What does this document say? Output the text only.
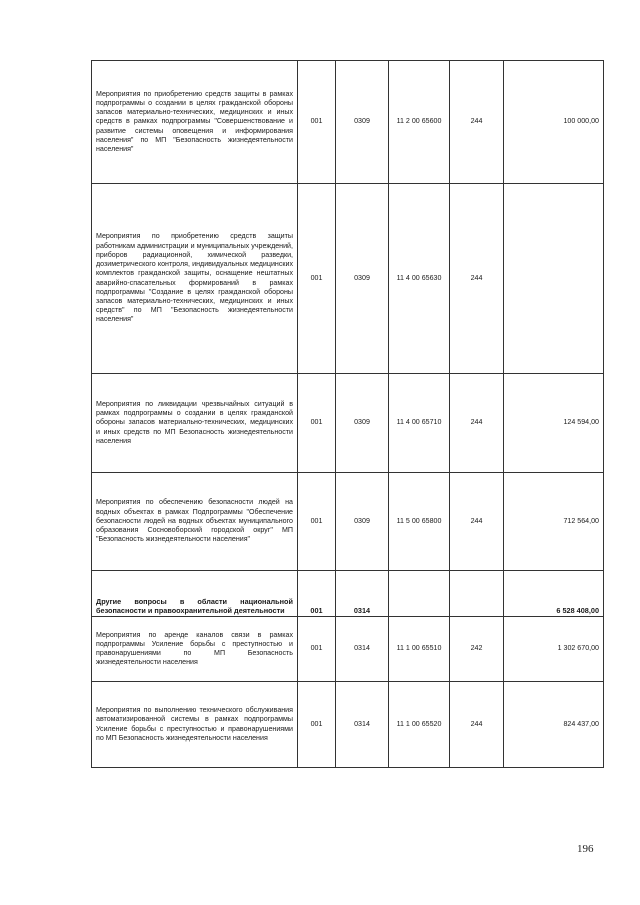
Мероприятия по приобретению средств защиты в рамках подпрограммы о создании в целях гражданской обороны запасов материально-технических, медицинских и иных средств в рамках подпрограммы "Совершенствование и развитие системы оповещения и информирования населения" по МП "Безопасность жизнедеятельности населения"	001	0309	11 2 00 65600	244	100 000,00
Мероприятия по приобретению средств защиты работникам администрации и муниципальных учреждений, приборов радиационной, химической разведки, дозиметрического контроля, индивидуальных медицинских комплектов гражданской защиты, оснащение нештатных аварийно-спасательных формирований в рамках подпрограммы "Создание в целях гражданской обороны запасов материально-технических, медицинских и иных средств" по МП "Безопасность жизнедеятельности населения"	001	0309	11 4 00 65630	244	
Мероприятия по ликвидации чрезвычайных ситуаций в рамках подпрограммы о создании в целях гражданской обороны запасов материально-технических, медицинских и иных средств по МП Безопасность жизнедеятельности населения	001	0309	11 4 00 65710	244	124 594,00
Мероприятия по обеспечению безопасности людей на водных объектах в рамках Подпрограммы "Обеспечение безопасности людей на водных объектах муниципального образования Сосновоборский городской округ" МП "Безопасность жизнедеятельности населения"	001	0309	11 5 00 65800	244	712 564,00
Другие вопросы в области национальной безопасности и правоохранительной деятельности	001	0314			6 528 408,00
Мероприятия по аренде каналов связи в рамках подпрограммы Усиление борьбы с преступностью и правонарушениями по МП Безопасность жизнедеятельности населения	001	0314	11 1 00 65510	242	1 302 670,00
Мероприятия по выполнению технического обслуживания автоматизированной системы в рамках подпрограммы Усиление борьбы с преступностью и правонарушениями по МП Безопасность жизнедеятельности населения	001	0314	11 1 00 65520	244	824 437,00
196
